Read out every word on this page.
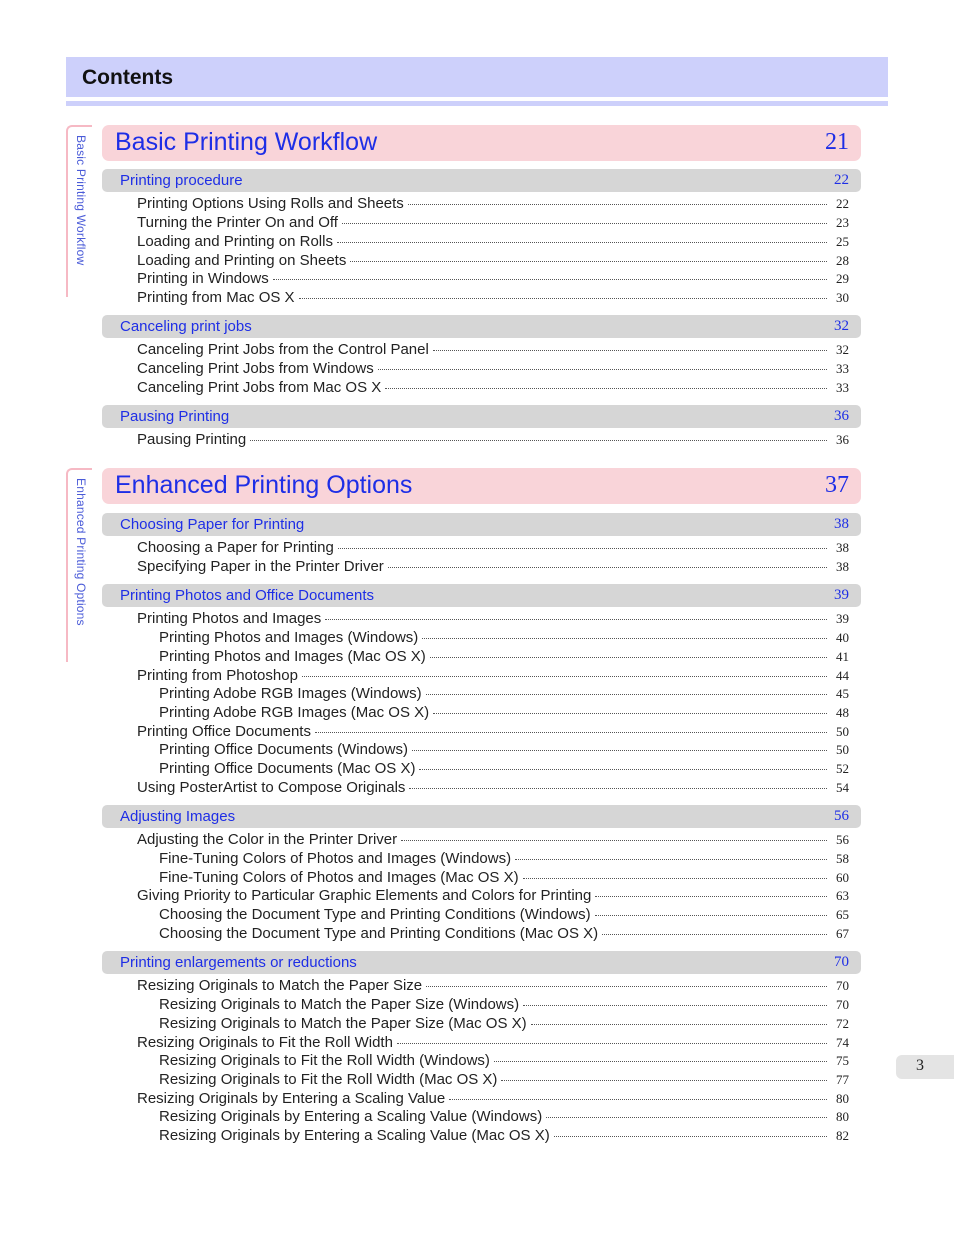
Contents
Basic Printing Workflow
Enhanced Printing Options
Basic Printing Workflow	21
Printing procedure	22
Printing Options Using Rolls and Sheets	22
Turning the Printer On and Off	23
Loading and Printing on Rolls	25
Loading and Printing on Sheets	28
Printing in Windows	29
Printing from Mac OS X	30
Canceling print jobs	32
Canceling Print Jobs from the Control Panel	32
Canceling Print Jobs from Windows	33
Canceling Print Jobs from Mac OS X	33
Pausing Printing	36
Pausing Printing	36
Enhanced Printing Options	37
Choosing Paper for Printing	38
Choosing a Paper for Printing	38
Specifying Paper in the Printer Driver	38
Printing Photos and Office Documents	39
Printing Photos and Images	39
Printing Photos and Images (Windows)	40
Printing Photos and Images (Mac OS X)	41
Printing from Photoshop	44
Printing Adobe RGB Images (Windows)	45
Printing Adobe RGB Images (Mac OS X)	48
Printing Office Documents	50
Printing Office Documents (Windows)	50
Printing Office Documents (Mac OS X)	52
Using PosterArtist to Compose Originals	54
Adjusting Images	56
Adjusting the Color in the Printer Driver	56
Fine-Tuning Colors of Photos and Images (Windows)	58
Fine-Tuning Colors of Photos and Images (Mac OS X)	60
Giving Priority to Particular Graphic Elements and Colors for Printing	63
Choosing the Document Type and Printing Conditions (Windows)	65
Choosing the Document Type and Printing Conditions (Mac OS X)	67
Printing enlargements or reductions	70
Resizing Originals to Match the Paper Size	70
Resizing Originals to Match the Paper Size (Windows)	70
Resizing Originals to Match the Paper Size (Mac OS X)	72
Resizing Originals to Fit the Roll Width	74
Resizing Originals to Fit the Roll Width (Windows)	75
Resizing Originals to Fit the Roll Width (Mac OS X)	77
Resizing Originals by Entering a Scaling Value	80
Resizing Originals by Entering a Scaling Value (Windows)	80
Resizing Originals by Entering a Scaling Value (Mac OS X)	82
3
